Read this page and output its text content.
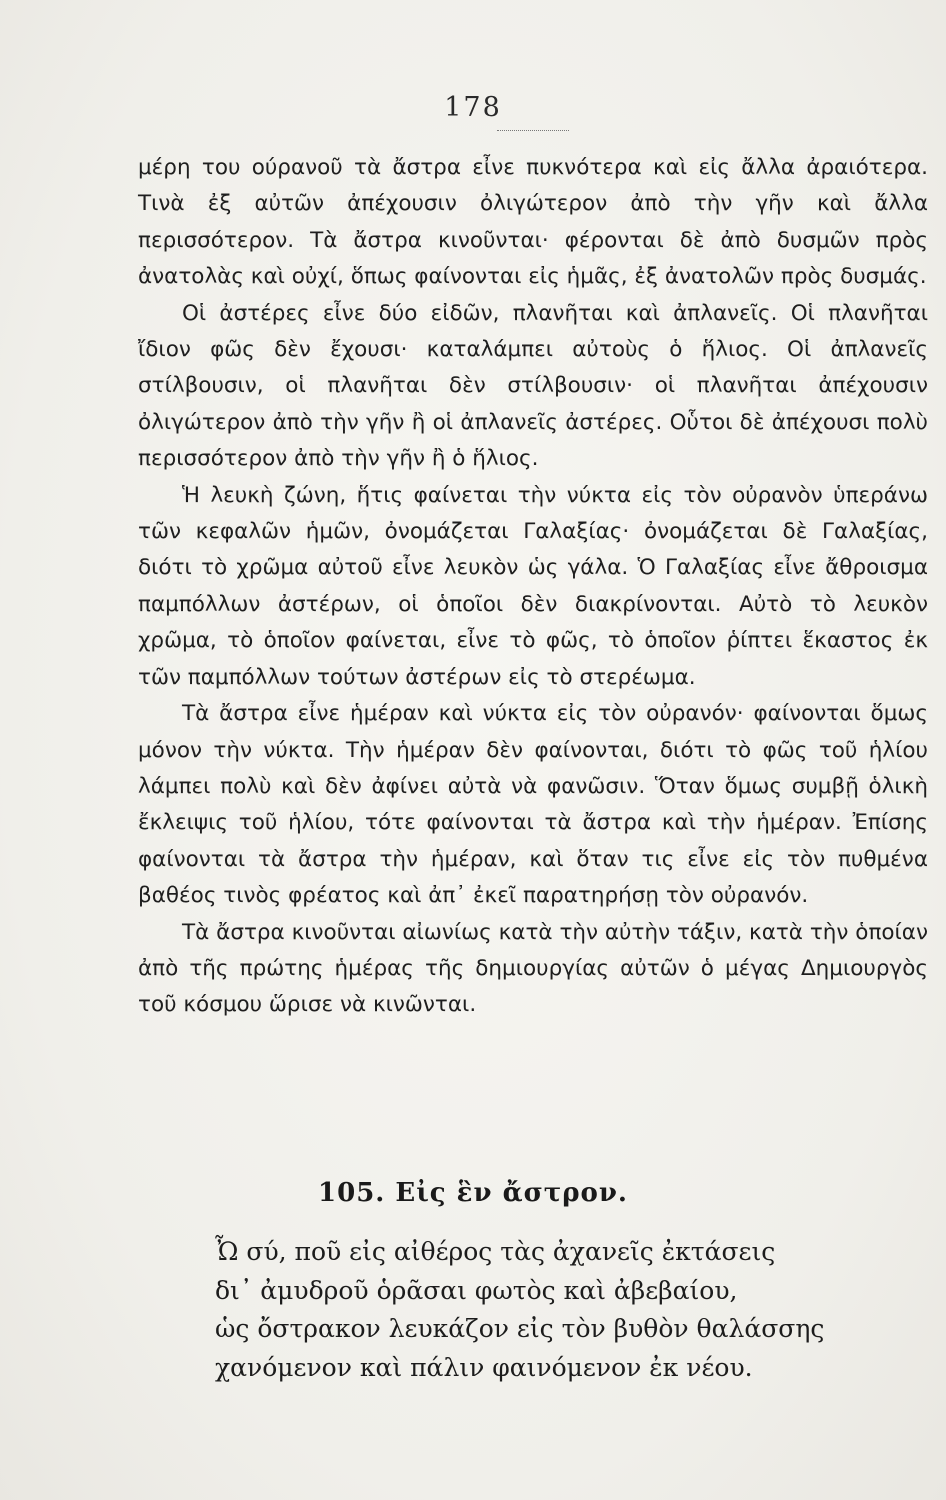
178

μέρη του ούρανοῦ τὰ ἄστρα εἶνε πυκνότερα καὶ εἰς ἄλλα ἀραιότερα. Τινὰ ἐξ αὐτῶν ἀπέχουσιν ὀλιγώτερον ἀπὸ τὴν γῆν καὶ ἄλλα περισσότερον. Τὰ ἄστρα κινοῦνται· φέρονται δὲ ἀπὸ δυσμῶν πρὸς ἀνατολὰς καὶ οὐχί, ὅπως φαίνονται εἰς ἡμᾶς, ἐξ ἀνατολῶν πρὸς δυσμάς.

Οἱ ἀστέρες εἶνε δύο εἰδῶν, πλανῆται καὶ ἀπλανεῖς. Οἱ πλανῆται ἴδιον φῶς δὲν ἔχουσι· καταλάμπει αὐτοὺς ὁ ἥλιος. Οἱ ἀπλανεῖς στίλβουσιν, οἱ πλανῆται δὲν στίλβουσιν· οἱ πλανῆται ἀπέχουσιν ὀλιγώτερον ἀπὸ τὴν γῆν ἢ οἱ ἀπλανεῖς ἀστέρες. Οὗτοι δὲ ἀπέχουσι πολὺ περισσότερον ἀπὸ τὴν γῆν ἢ ὁ ἥλιος.

Ἡ λευκὴ ζώνη, ἥτις φαίνεται τὴν νύκτα εἰς τὸν οὐρανὸν ὑπεράνω τῶν κεφαλῶν ἡμῶν, ὀνομάζεται Γαλαξίας· ὀνομάζεται δὲ Γαλαξίας, διότι τὸ χρῶμα αὐτοῦ εἶνε λευκὸν ὡς γάλα. Ὁ Γαλαξίας εἶνε ἄθροισμα παμπόλλων ἀστέρων, οἱ ὁποῖοι δὲν διακρίνονται. Αὐτὸ τὸ λευκὸν χρῶμα, τὸ ὁποῖον φαίνεται, εἶνε τὸ φῶς, τὸ ὁποῖον ῥίπτει ἕκαστος ἐκ τῶν παμπόλλων τούτων ἀστέρων εἰς τὸ στερέωμα.

Τὰ ἄστρα εἶνε ἡμέραν καὶ νύκτα εἰς τὸν οὐρανόν· φαίνονται ὅμως μόνον τὴν νύκτα. Τὴν ἡμέραν δὲν φαίνονται, διότι τὸ φῶς τοῦ ἡλίου λάμπει πολὺ καὶ δὲν ἀφίνει αὐτὰ νὰ φανῶσιν. Ὅταν ὅμως συμβῇ ὁλικὴ ἔκλειψις τοῦ ἡλίου, τότε φαίνονται τὰ ἄστρα καὶ τὴν ἡμέραν. Ἐπίσης φαίνονται τὰ ἄστρα τὴν ἡμέραν, καὶ ὅταν τις εἶνε εἰς τὸν πυθμένα βαθέος τινὸς φρέατος καὶ ἀπ᾽ ἐκεῖ παρατηρήσῃ τὸν οὐρανόν.

Τὰ ἄστρα κινοῦνται αἰωνίως κατὰ τὴν αὐτὴν τάξιν, κατὰ τὴν ὁποίαν ἀπὸ τῆς πρώτης ἡμέρας τῆς δημιουργίας αὐτῶν ὁ μέγας Δημιουργὸς τοῦ κόσμου ὥρισε νὰ κινῶνται.

105. Εἰς ἓν ἄστρον.
Ὦ σύ, ποῦ εἰς αἰθέρος τὰς ἀχανεῖς ἐκτάσεις
δι᾽ ἀμυδροῦ ὁρᾶσαι φωτὸς καὶ ἀβεβαίου,
ὡς ὄστρακον λευκάζον εἰς τὸν βυθὸν θαλάσσης
χανόμενον καὶ πάλιν φαινόμενον ἐκ νέου.
